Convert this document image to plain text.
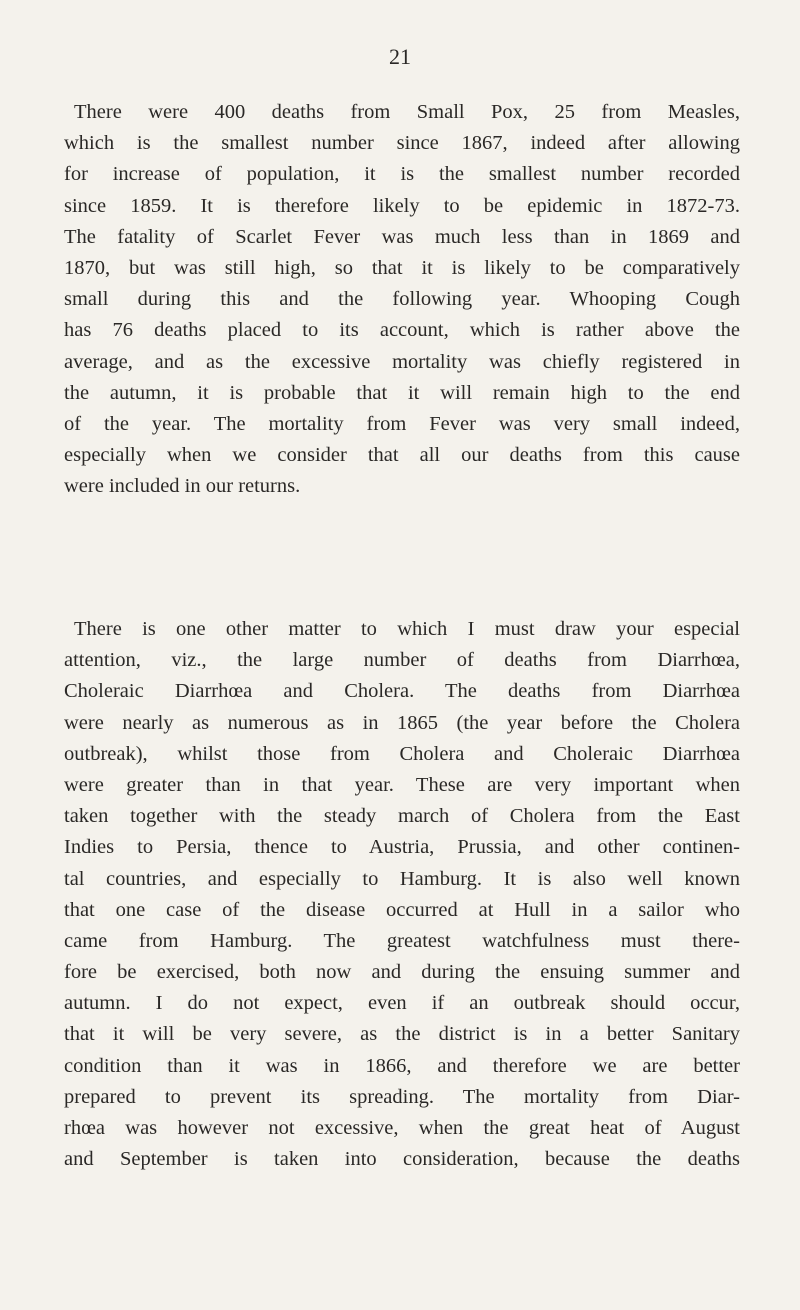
21

There were 400 deaths from Small Pox, 25 from Measles,
which is the smallest number since 1867, indeed after allowing
for increase of population, it is the smallest number recorded
since 1859. It is therefore likely to be epidemic in 1872-73.
The fatality of Scarlet Fever was much less than in 1869 and
1870, but was still high, so that it is likely to be comparatively
small during this and the following year. Whooping Cough
has 76 deaths placed to its account, which is rather above the
average, and as the excessive mortality was chiefly registered in
the autumn, it is probable that it will remain high to the end
of the year. The mortality from Fever was very small indeed,
especially when we consider that all our deaths from this cause
were included in our returns.

There is one other matter to which I must draw your especial
attention, viz., the large number of deaths from Diarrhœa,
Choleraic Diarrhœa and Cholera. The deaths from Diarrhœa
were nearly as numerous as in 1865 (the year before the Cholera
outbreak), whilst those from Cholera and Choleraic Diarrhœa
were greater than in that year. These are very important when
taken together with the steady march of Cholera from the East
Indies to Persia, thence to Austria, Prussia, and other continen-
tal countries, and especially to Hamburg. It is also well known
that one case of the disease occurred at Hull in a sailor who
came from Hamburg. The greatest watchfulness must there-
fore be exercised, both now and during the ensuing summer and
autumn. I do not expect, even if an outbreak should occur,
that it will be very severe, as the district is in a better Sanitary
condition than it was in 1866, and therefore we are better
prepared to prevent its spreading. The mortality from Diar-
rhœa was however not excessive, when the great heat of August
and September is taken into consideration, because the deaths
